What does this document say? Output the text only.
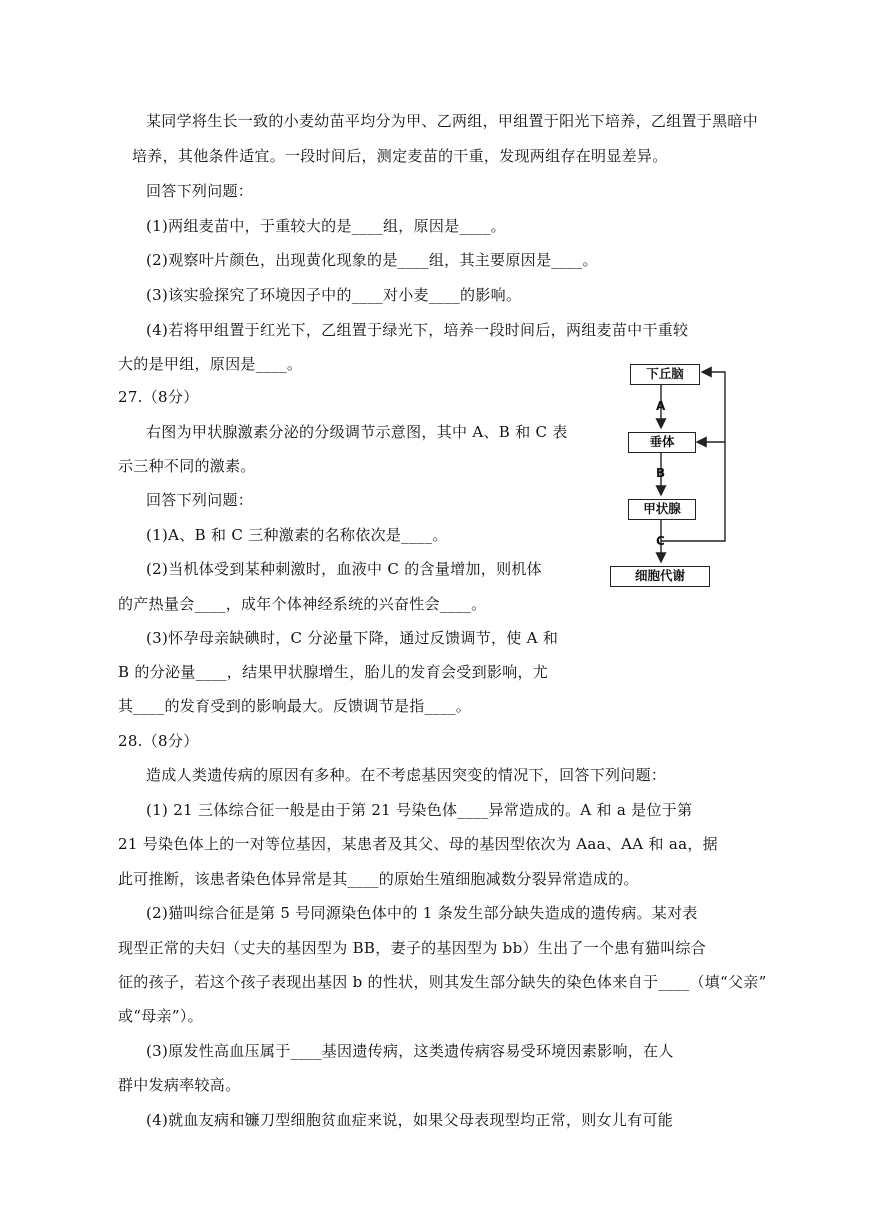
某同学将生长一致的小麦幼苗平均分为甲、乙两组，甲组置于阳光下培养，乙组置于黑暗中
培养，其他条件适宜。一段时间后，测定麦苗的干重，发现两组存在明显差异。
回答下列问题：
(1)两组麦苗中，于重较大的是____组，原因是____。
(2)观察叶片颜色，出现黄化现象的是____组，其主要原因是____。
(3)该实验探究了环境因子中的____对小麦____的影响。
(4)若将甲组置于红光下，乙组置于绿光下，培养一段时间后，两组麦苗中干重较
大的是甲组，原因是____。
27.（8分）
右图为甲状腺激素分泌的分级调节示意图，其中 A、B 和 C 表
示三种不同的激素。
回答下列问题：
(1)A、B 和 C 三种激素的名称依次是____。
(2)当机体受到某种刺激时，血液中 C 的含量增加，则机体
的产热量会____，成年个体神经系统的兴奋性会____。
(3)怀孕母亲缺碘时，C 分泌量下降，通过反馈调节，使 A 和
B 的分泌量____，结果甲状腺增生，胎儿的发育会受到影响，尤
其____的发育受到的影响最大。反馈调节是指____。
下丘脑
垂体
甲状腺
细胞代谢
A
B
C
28.（8分）
造成人类遗传病的原因有多种。在不考虑基因突变的情况下，回答下列问题：
(1) 21 三体综合征一般是由于第 21 号染色体____异常造成的。A 和 a 是位于第
21 号染色体上的一对等位基因，某患者及其父、母的基因型依次为 Aaa、AA 和 aa，据
此可推断，该患者染色体异常是其____的原始生殖细胞减数分裂异常造成的。
(2)猫叫综合征是第 5 号同源染色体中的 1 条发生部分缺失造成的遗传病。某对表
现型正常的夫妇（丈夫的基因型为 BB，妻子的基因型为 bb）生出了一个患有猫叫综合
征的孩子，若这个孩子表现出基因 b 的性状，则其发生部分缺失的染色体来自于____（填“父亲”
或“母亲”）。
(3)原发性高血压属于____基因遗传病，这类遗传病容易受环境因素影响，在人
群中发病率较高。
(4)就血友病和镰刀型细胞贫血症来说，如果父母表现型均正常，则女儿有可能
